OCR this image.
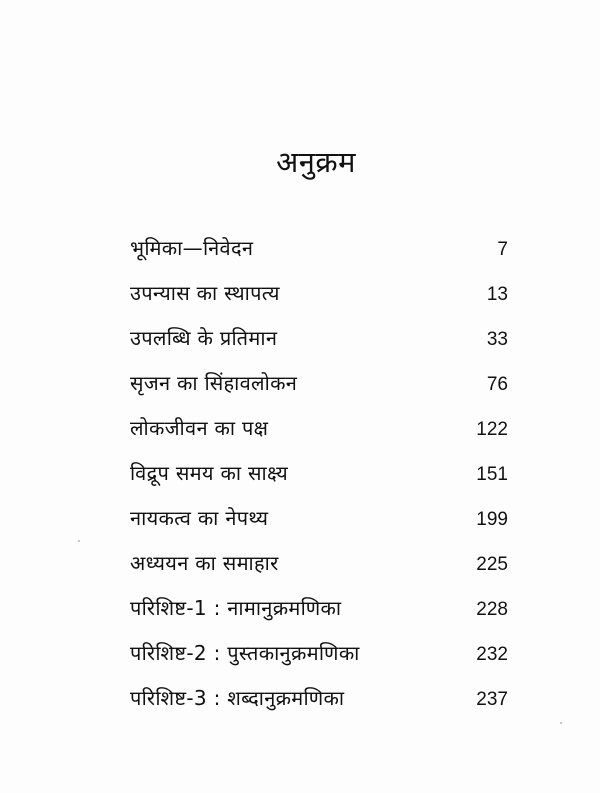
अनुक्रम
भूमिका—निवेदन	7
उपन्यास का स्थापत्य	13
उपलब्धि के प्रतिमान	33
सृजन का सिंहावलोकन	76
लोकजीवन का पक्ष	122
विद्रूप समय का साक्ष्य	151
नायकत्व का नेपथ्य	199
अध्ययन का समाहार	225
परिशिष्ट-1 : नामानुक्रमणिका	228
परिशिष्ट-2 : पुस्तकानुक्रमणिका	232
परिशिष्ट-3 : शब्दानुक्रमणिका	237
